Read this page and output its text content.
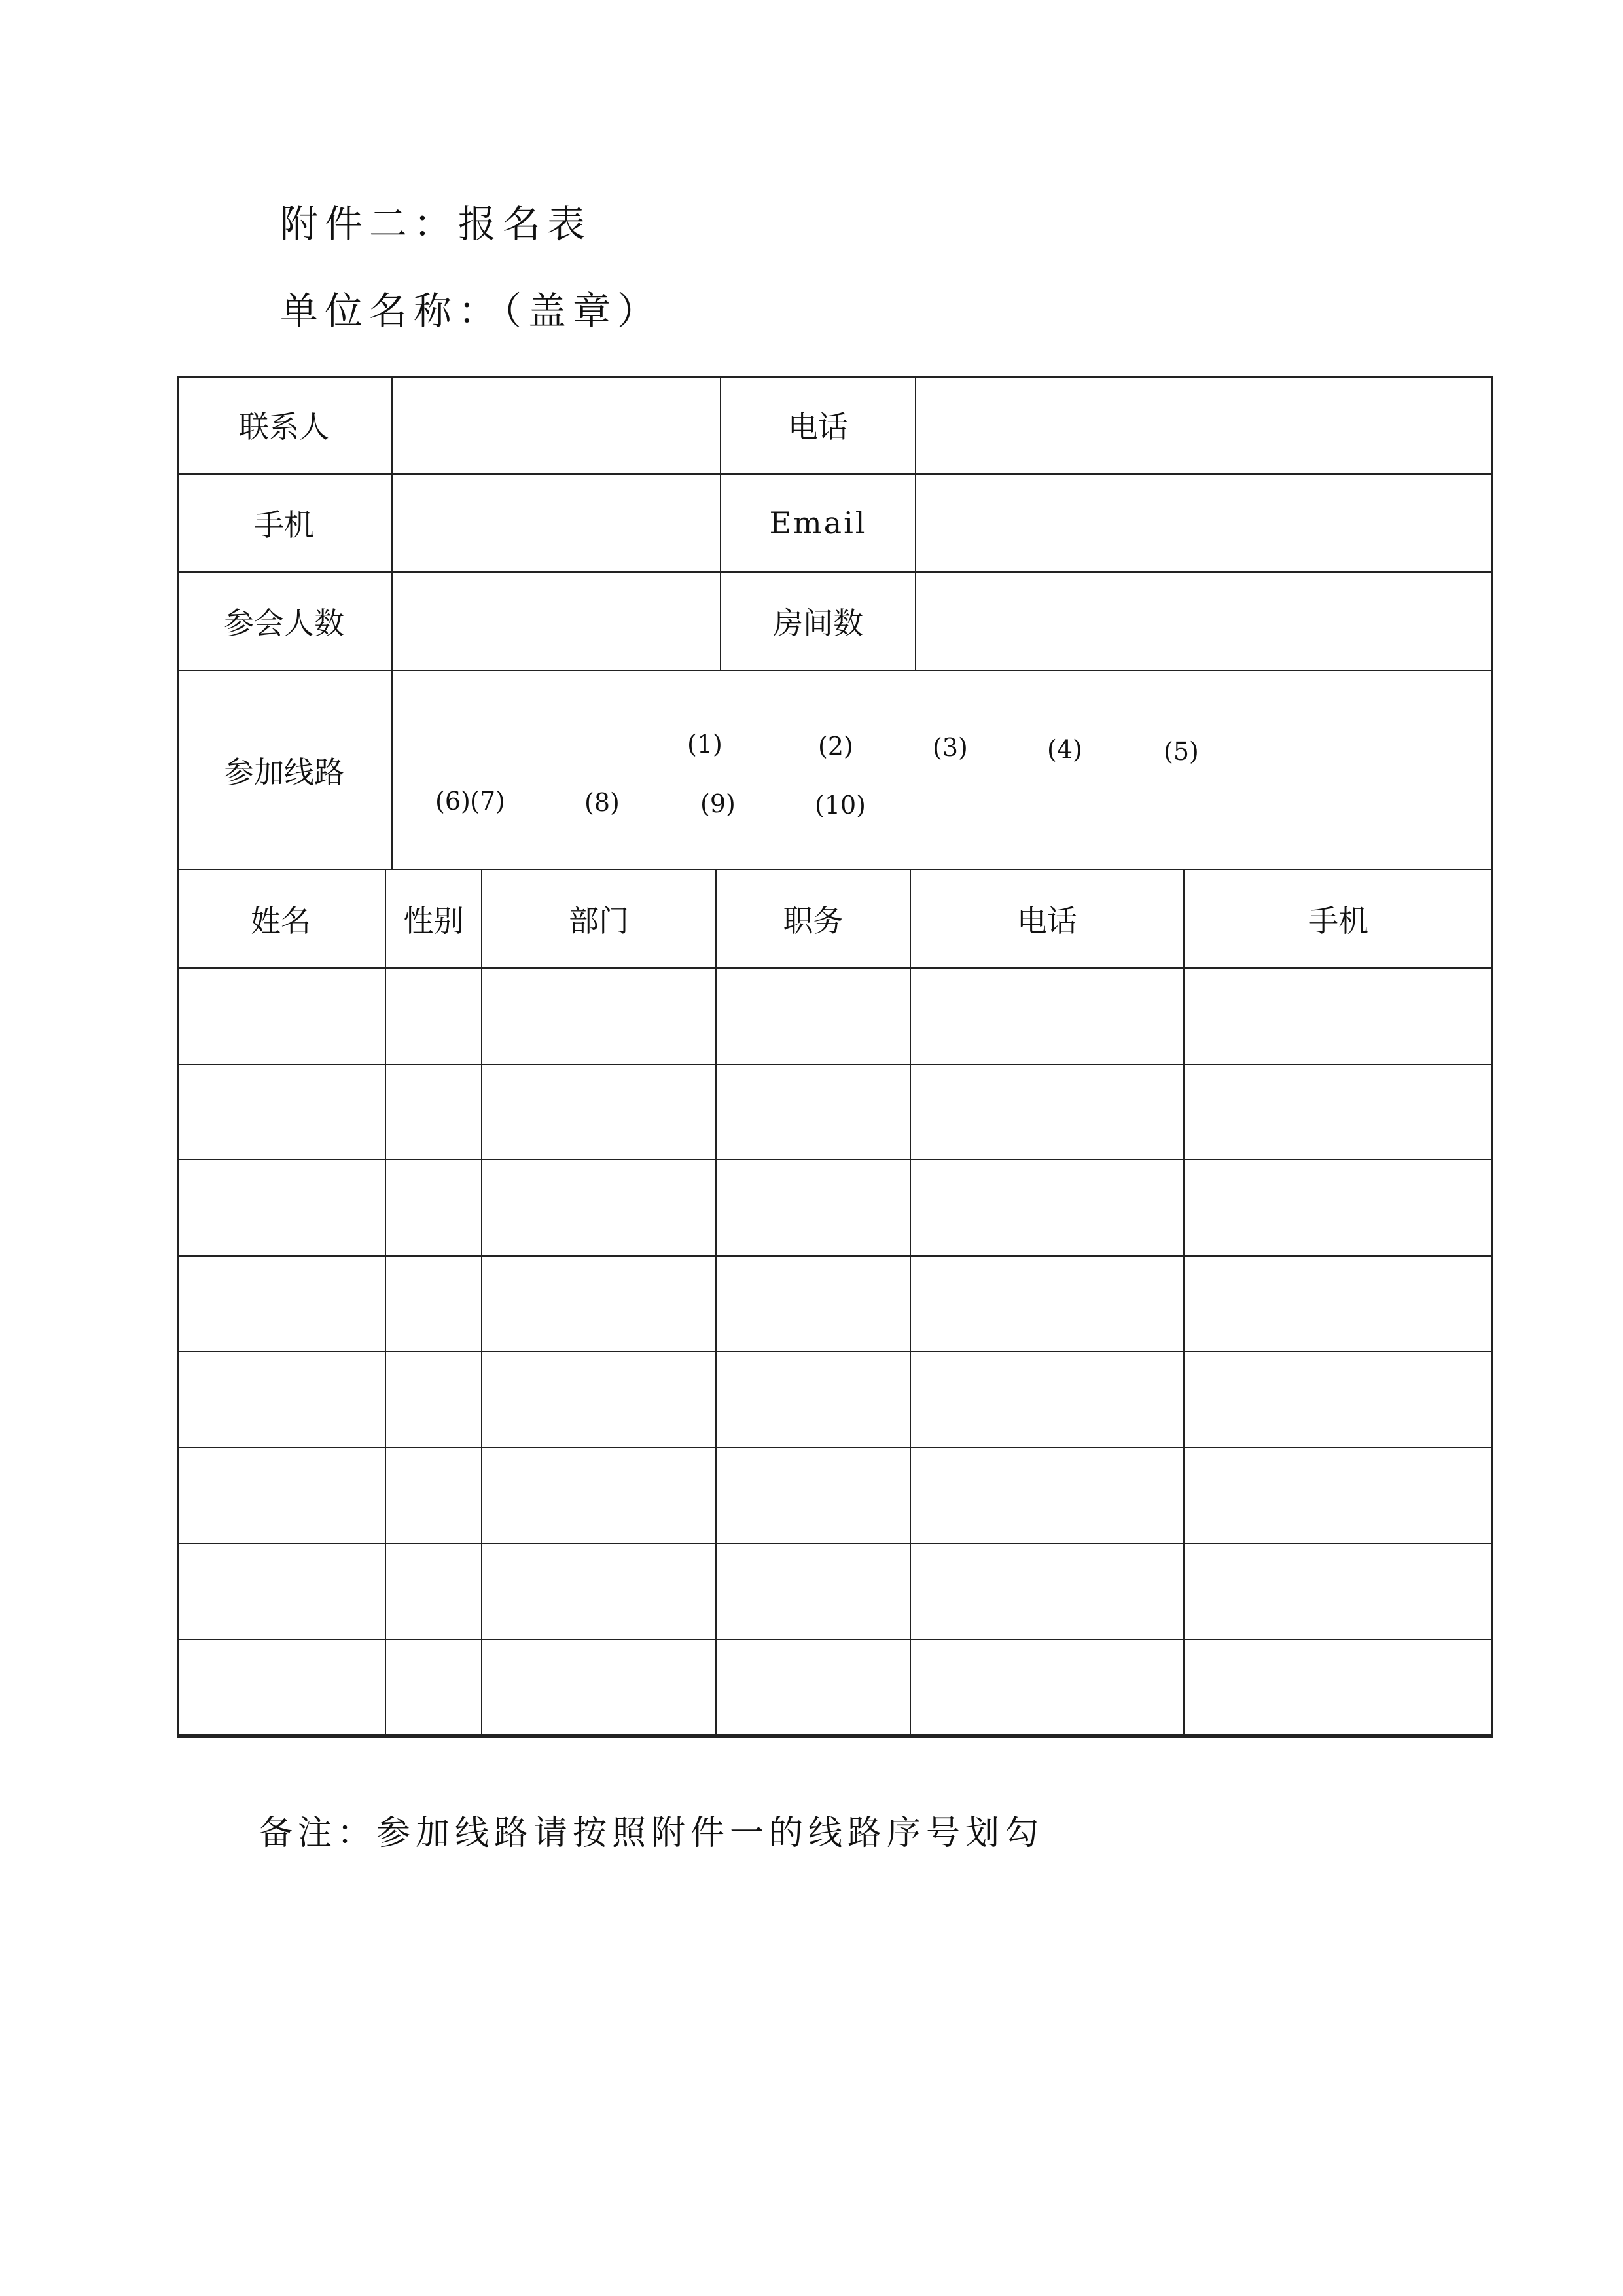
附件二：报名表
单位名称：（盖章）
联系人	电话
手机	Email
参会人数	房间数
参加线路
(1)	(2)	(3)	(4)	(5)
(6) (7)	(8)	(9)	(10)
姓名	性别	部门	职务	电话	手机
备注：参加线路请按照附件一的线路序号划勾
